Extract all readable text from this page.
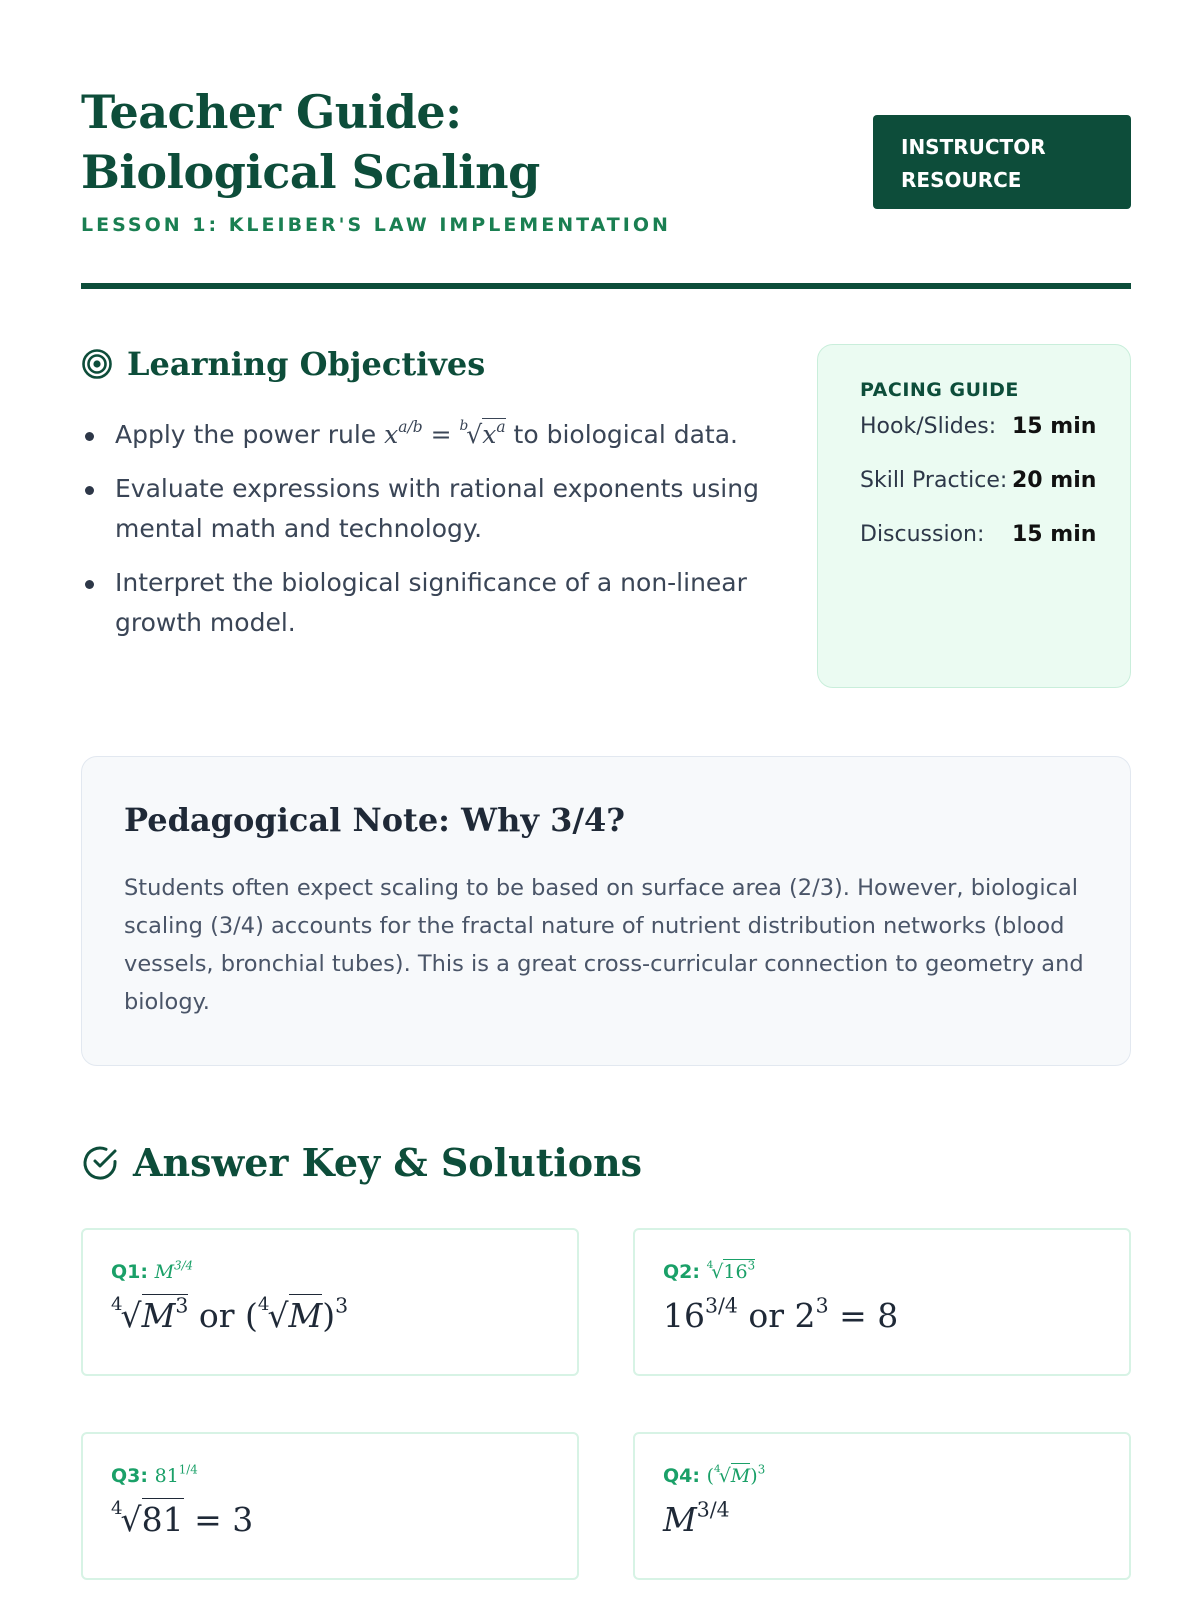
Teacher Guide: Biological Scaling
LESSON 1: KLEIBER'S LAW IMPLEMENTATION
INSTRUCTOR
RESOURCE
Learning Objectives
Apply the power rule $x^{a/b} = ^b√x^a$ to biological data.
Evaluate expressions with rational exponents using mental math and technology.
Interpret the biological significance of a non-linear growth model.
PACING GUIDE
Hook/Slides: 15 min
Skill Practice: 20 min
Discussion:	15 min
Pedagogical Note: Why 3/4?

Students often expect scaling to be based on surface area (2/3). However, biological scaling (3/4) accounts for the fractal nature of nutrient distribution networks (blood vessels, bronchial tubes). This is a great cross-curricular connection to geometry and biology.

Answer Key & Solutions
Q1: $M^{3/4}$
$^4√M^3$ or $(^4√M)^3$
Q2: $^4√16^3$
$16^{3/4}$ or $2^3 = 8$
Q3: $81^{1/4}$
$^4$√81 = 3
Q4: $(^4√M)^3$
$M^{3/4}$
